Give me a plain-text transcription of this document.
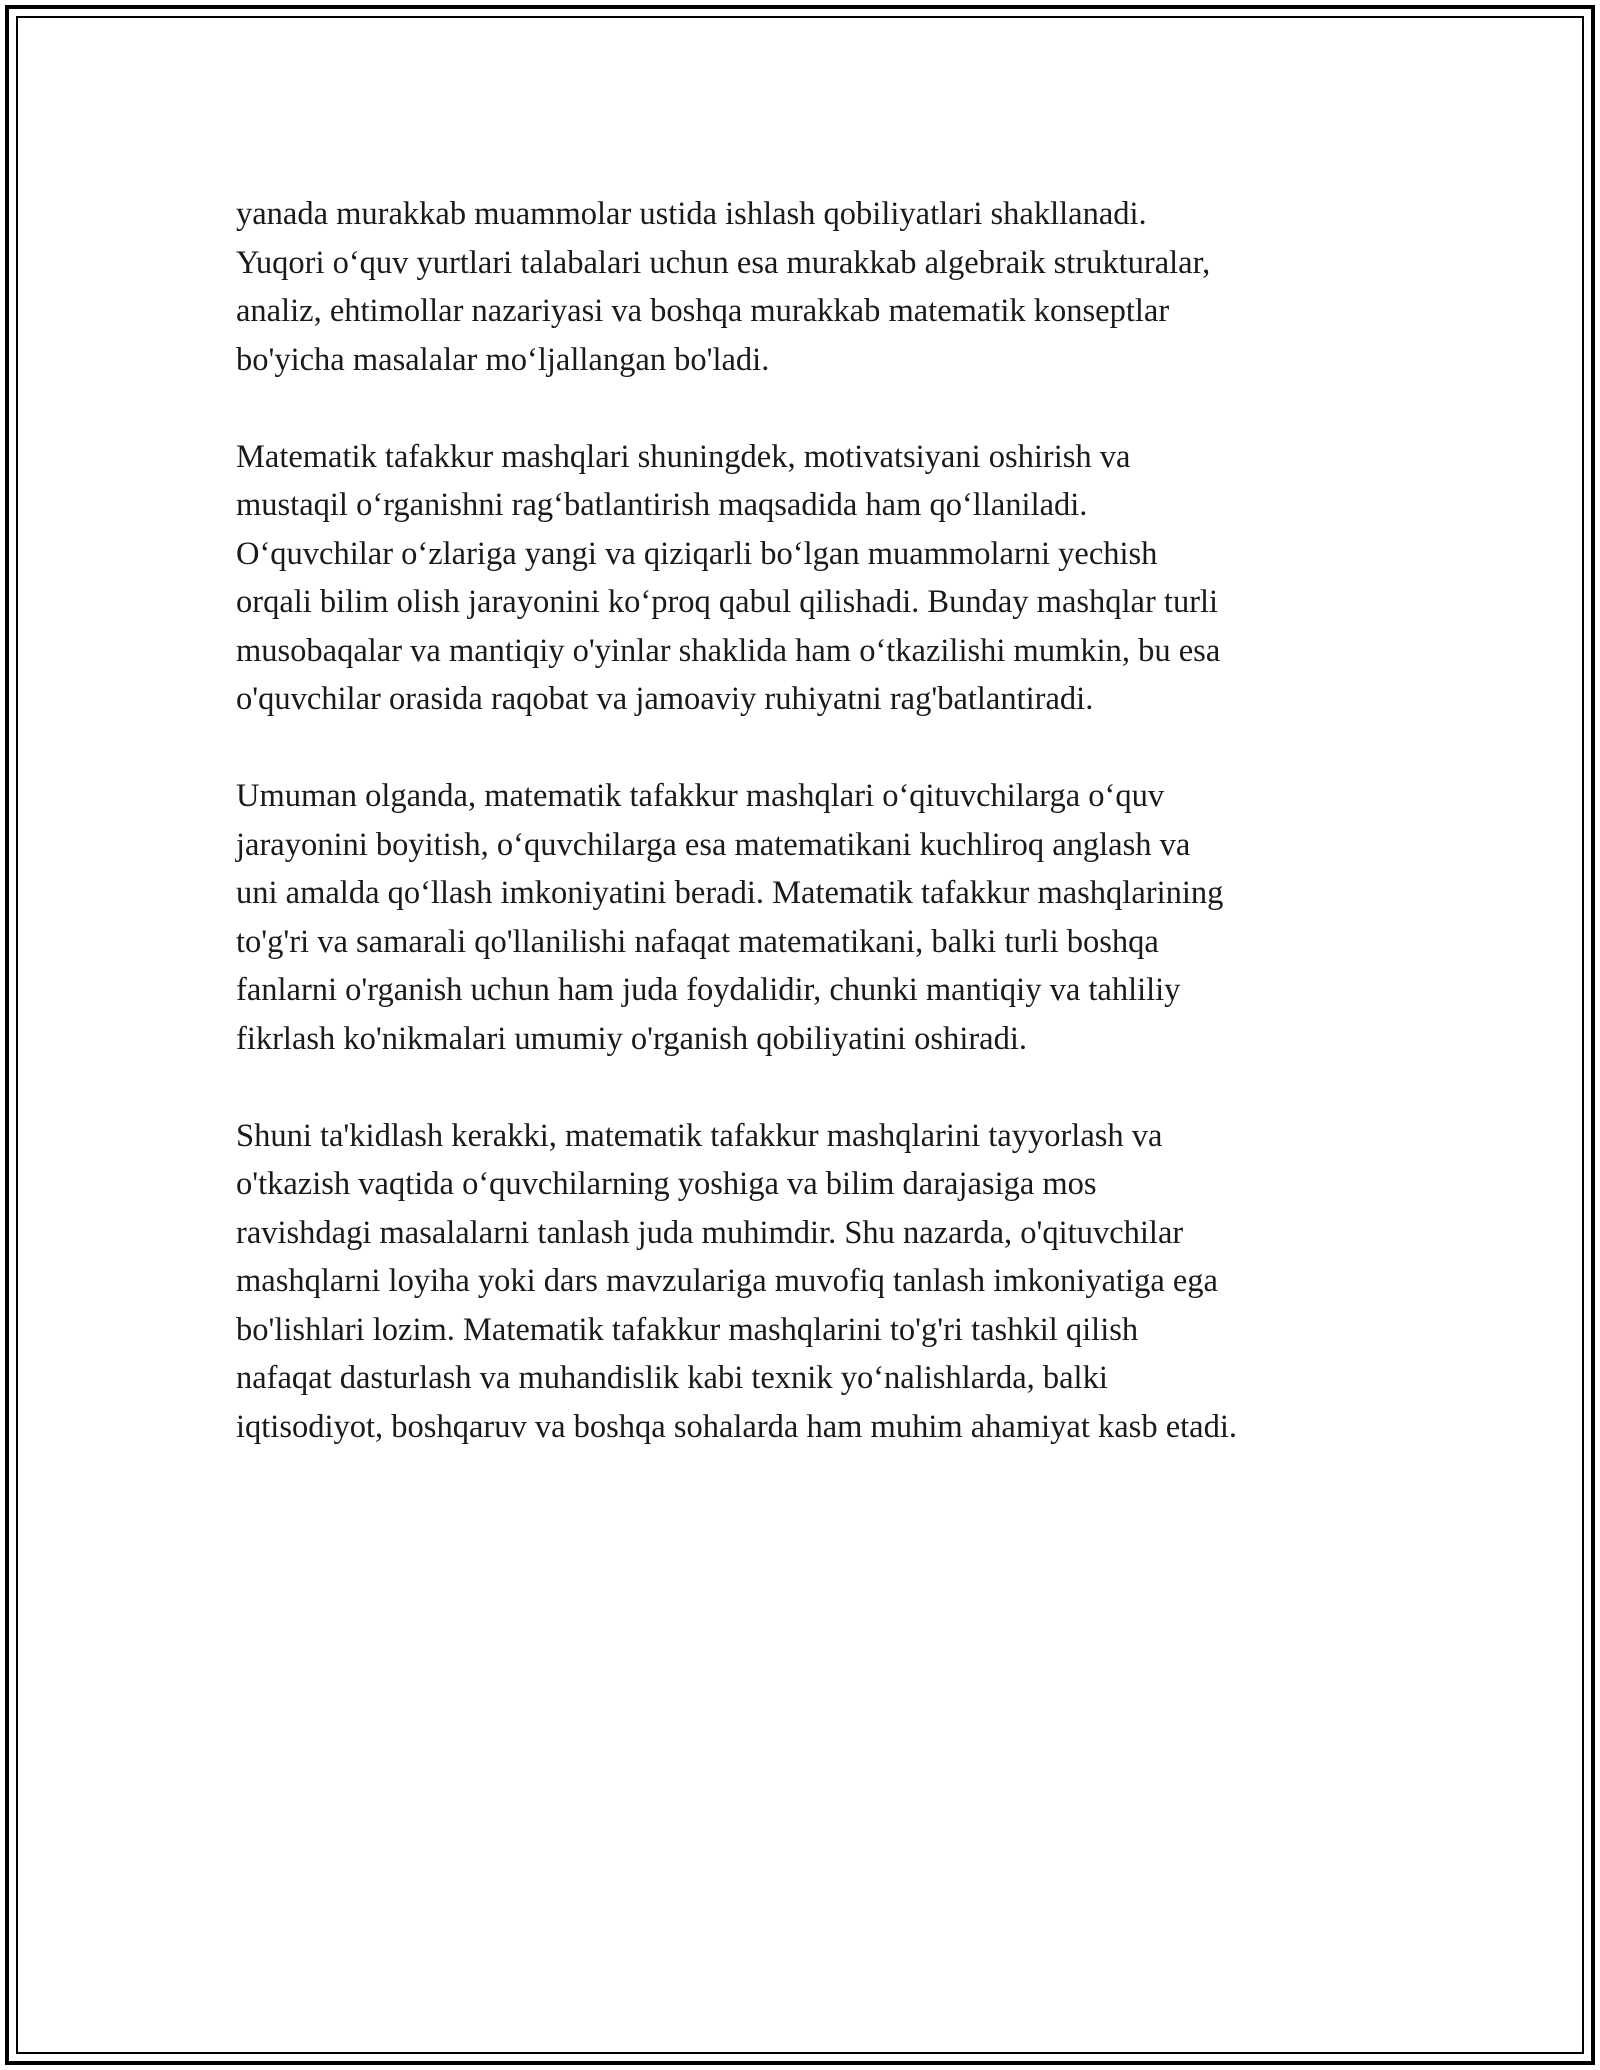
yanada murakkab muammolar ustida ishlash qobiliyatlari shakllanadi.
Yuqori o‘quv yurtlari talabalari uchun esa murakkab algebraik strukturalar,
analiz, ehtimollar nazariyasi va boshqa murakkab matematik konseptlar
bo'yicha masalalar mo‘ljallangan bo'ladi.

Matematik tafakkur mashqlari shuningdek, motivatsiyani oshirish va
mustaqil o‘rganishni rag‘batlantirish maqsadida ham qo‘llaniladi.
O‘quvchilar o‘zlariga yangi va qiziqarli bo‘lgan muammolarni yechish
orqali bilim olish jarayonini ko‘proq qabul qilishadi. Bunday mashqlar turli
musobaqalar va mantiqiy o'yinlar shaklida ham o‘tkazilishi mumkin, bu esa
o'quvchilar orasida raqobat va jamoaviy ruhiyatni rag'batlantiradi.

Umuman olganda, matematik tafakkur mashqlari o‘qituvchilarga o‘quv
jarayonini boyitish, o‘quvchilarga esa matematikani kuchliroq anglash va
uni amalda qo‘llash imkoniyatini beradi. Matematik tafakkur mashqlarining
to'g'ri va samarali qo'llanilishi nafaqat matematikani, balki turli boshqa
fanlarni o'rganish uchun ham juda foydalidir, chunki mantiqiy va tahliliy
fikrlash ko'nikmalari umumiy o'rganish qobiliyatini oshiradi.

Shuni ta'kidlash kerakki, matematik tafakkur mashqlarini tayyorlash va
o'tkazish vaqtida o‘quvchilarning yoshiga va bilim darajasiga mos
ravishdagi masalalarni tanlash juda muhimdir. Shu nazarda, o'qituvchilar
mashqlarni loyiha yoki dars mavzulariga muvofiq tanlash imkoniyatiga ega
bo'lishlari lozim. Matematik tafakkur mashqlarini to'g'ri tashkil qilish
nafaqat dasturlash va muhandislik kabi texnik yo‘nalishlarda, balki
iqtisodiyot, boshqaruv va boshqa sohalarda ham muhim ahamiyat kasb etadi.
